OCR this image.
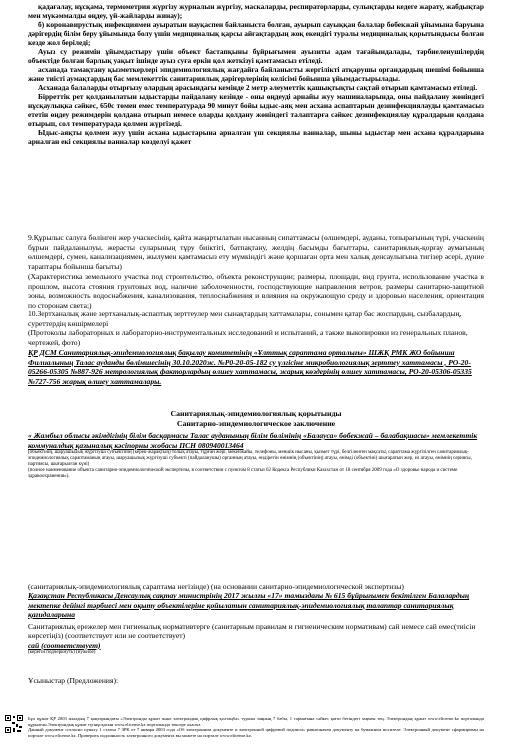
қадағалау, нұсқама, термометрия жүргізу журналын жүргізу, маскаларды, респираторларды, сулықтарды кедеге жарату, жабдықтар мен мүкәммалды өңдеу, үй-жайларды жинау);

б) коронавирустық инфекциямен ауыратын науқаспен байланыста болған, ауырып сауыққан балалар бөбекжай ұйымына баруына дәрігердің білім беру ұйымында болу үшін медициналық қарсы айғақтардың жоқ екендігі туралы медициналық қорытындысы болған кезде жол беріледі;

Ауыз су режимін ұйымдастыру үшін объект бастапқыны бұйрығымен ауызнты адам тағайындалады, тәрбиеленушілердің объектіде болған барлық уақыт ішінде ауыз суға еркін қол жеткізуі қамтамасыз етіледі.

асханада тамақтану қызметкерлері эпидемиологиялық жағдайға байланысты жергілікті атқарушы органдардың шешімі бойынша және тиісті аумақтардың бас мемлекеттік санитариялық дәрігерлерінің келісімі бойынша ұйымдастырылады.

Асханада балаларды отырғызу олардың арасындағы кемінде 2 метр әлеуметтік қашықтықты сақтай отырып қамтамасыз етіледі.

Бірреттік рет қолданылатын ыдыстарды пайдалану кезінде - оны өңдеуді арнайы жуу машиналарында, оны пайдалану жөніндегі нұсқаулықка сәйкес, 650с төмен емес температурада 90 минут бойы ыдыс-аяқ мен асхана аспаптарын дезинфекциялауды қамтамасыз ететін өңдеу режимдерін қолдана отырып немесе оларды қолдану жөніндегі талаптарға сәйкес дезинфекциялау құралдарын қолдана отырып, сол температурада қолмен жүргізеді.

Ыдыс-аяқты қолмен жуу үшін асхана ыдыстарына арналған үш секциялы ванналар, шыны ыдыстар мен асхана құралдарына арналған екі секциялы ванналар көзделуі қажет

9.Құрылыс салуға бөлінген жер учаскесінің, қайта жаңартылатын нысанның сипаттамасы (өлшемдері, ауданы, топырағының түрі, учаскенің бұрын пайдаланылуы, жерасты суларының тұру биіктігі, батпақтану, желдің басымды бағыттары, санитариялық-қорғау аумағының өлшемдері, сумен, канализациямен, жылумен қамтамасыз ету мүмкіндігі және қоршаған орта мен халық денсаулығына тигізер әсері, дүние тараптары бойынша бағыты)

(Характеристика земельного участка под строительство, объекта реконструкции; размеры, площади, вид грунта, использование участка в прошлом, высота стояния грунтовых вод, наличие заболоченности, господствующие направления ветров, размеры санитарно-защитной зоны, возможность водоснабжения, канализования, теплоснабжения и влияния на окружающую среду и здоровью населения, ориентация по сторонам света;)

10.Зертханалық және зертханалық-аспаптық зерттеулер мен сынақтардың хаттамалары, сонымен қатар бас жоспардың, сызбалардың, суреттердің көшірмелері

(Протоколы лабораторных и лабораторно-инструментальных исследований и испытаний, а также выкопировки из генеральных планов, чертежей, фото)

ҚР ДСМ Санитариялық-эпидемиологиялық бақылау комитетінің «Ұлттық сараптама орталығы» ШЖҚ РМК ЖО бойынша Филиалының Талас ауданды бөлімшесінің 30.10.2020ж. №Р0-20-05-182 су үлгісіне микробиологиялық зерттеу хаттамасы , РО-20-05266-05305 №887-926 метрологиялық факторлардың өлшеу хаттамасы, жарық көздерінің өлшеу хаттамасы, РО-20-05306-05335 №727-756 жарық өлшеу хаттамалары.

Санитариялық-эпидемиологиялық қорытынды
Санитарно-эпидемиологическое заключение

« Жамбыл облысы әкімдігінің білім басқармасы Талас ауданының білім бөлімінің «Балауса» бөбекжай – балабақшасы» мемлекеттік коммуналдық қазыналық кәсіпорны жобасы ПСН 080940013464

(объектінің, шаруашылық жүргізуші субъектінің (керек-жарақтың) толық атауы, тұрған жері, мекенжайы, телефоны, меншік нысаны, қызмет түрі, белгіленген мақсаты, сараптама жүргізілген санитариялық-эпидемиологиялық сараптаманың атауы, шаруашылық жүргізуші субъекті (пайдаланушы) органның атауы, өндіретін өнімнің (объектінің) атауы, өнімді (объектіні) шығаратын жер, ел атауы, өнімнің сериясы, партиясы, шығарылған күні)

(полное наименование объекта санитарно-эпидемиологической экспертизы, в соответствии с пунктом 8 статьи 62 Кодекса Республики Казахстан от 18 сентября 2009 года «О здоровье народа и системе здравоохранения»).

(санитариялық-эпидемиологиялық сараптама негізінде) (на основании санитарно-эпидемиологической экспертизы)

Қазақстан Республикасы Денсаулық сақтау министрінің 2017 жылғы «17» тамыздағы № 615 бұйрығымен бекітілген Балалардың мектепке дейінгі тәрбиесі мен оқыту объектілеріне қойылатын санитариялық-эпидемиологиялық талаптар санитариялық қағидаларына

Санитариялық ережелер мен гигиеналық нормативтерге (санитарным правилам и гигиеническим нормативам) сай немесе сай емес(тиісін көрсетіңіз) (соответствует или не соответствует)

сай (соответствует)

(керегін подчеркнуть) (нужное)

Ұсыныстар (Предложения):

Бұл құжат ҚР 2003 жылдың 7 қаңтарындағы «Электронды құжат және электрондық цифрлық қолтаңба» туралы заңның 7 бабы, 1 тармағына сәйкес қағаз бетіндегі заңмен тең. Электрондық құжат www.elicense.kz порталында құрылған.Электрондық құжат түпнұсқасын www.elicense.kz порталында тексере аласыз.

Данный документ согласно пункту 1 статьи 7 ЗРК от 7 января 2003 года «Об электронном документе и электронной цифровой подписи» равнозначен документу на бумажном носителе. Электронный документ сформирован на портале www.elicense.kz. Проверить подлинность электронного документа вы можете на портале www.elicense.kz.
